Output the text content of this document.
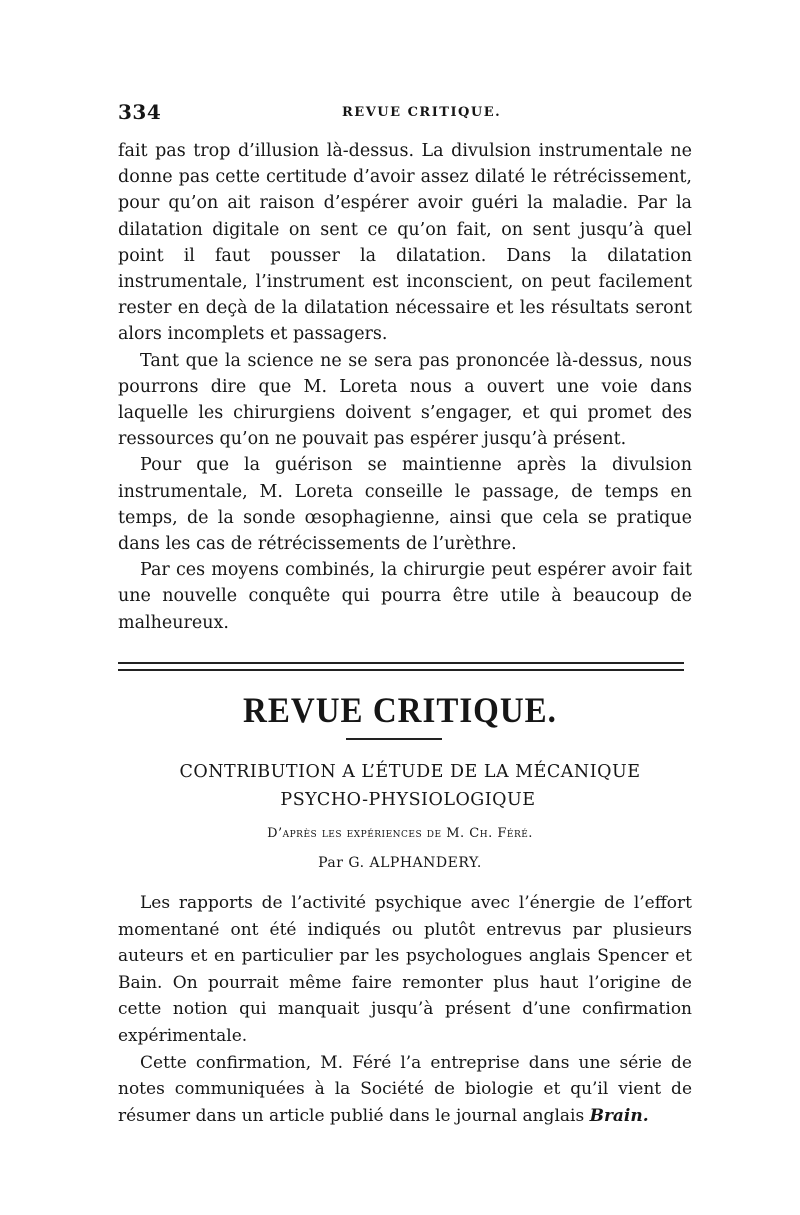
334	REVUE CRITIQUE.

fait pas trop d’illusion là-dessus. La divulsion instrumentale ne donne pas cette certitude d’avoir assez dilaté le rétrécissement, pour qu’on ait raison d’espérer avoir guéri la maladie. Par la dilatation digitale on sent ce qu’on fait, on sent jusqu’à quel point il faut pousser la dilatation. Dans la dilatation instrumentale, l’instrument est inconscient, on peut facilement rester en deçà de la dilatation nécessaire et les résultats seront alors incomplets et passagers.

Tant que la science ne se sera pas prononcée là-dessus, nous pourrons dire que M. Loreta nous a ouvert une voie dans laquelle les chirurgiens doivent s’engager, et qui promet des ressources qu’on ne pouvait pas espérer jusqu’à présent.

Pour que la guérison se maintienne après la divulsion instrumentale, M. Loreta conseille le passage, de temps en temps, de la sonde œsophagienne, ainsi que cela se pratique dans les cas de rétrécissements de l’urèthre.

Par ces moyens combinés, la chirurgie peut espérer avoir fait une nouvelle conquête qui pourra être utile à beaucoup de malheureux.

REVUE CRITIQUE.
CONTRIBUTION A L’ÉTUDE DE LA MÉCANIQUE
PSYCHO-PHYSIOLOGIQUE
D’après les expériences de M. Ch. Féré.
Par G. ALPHANDERY.

Les rapports de l’activité psychique avec l’énergie de l’effort momentané ont été indiqués ou plutôt entrevus par plusieurs auteurs et en particulier par les psychologues anglais Spencer et Bain. On pourrait même faire remonter plus haut l’origine de cette notion qui manquait jusqu’à présent d’une confirmation expérimentale.

Cette confirmation, M. Féré l’a entreprise dans une série de notes communiquées à la Société de biologie et qu’il vient de résumer dans un article publié dans le journal anglais Brain.
